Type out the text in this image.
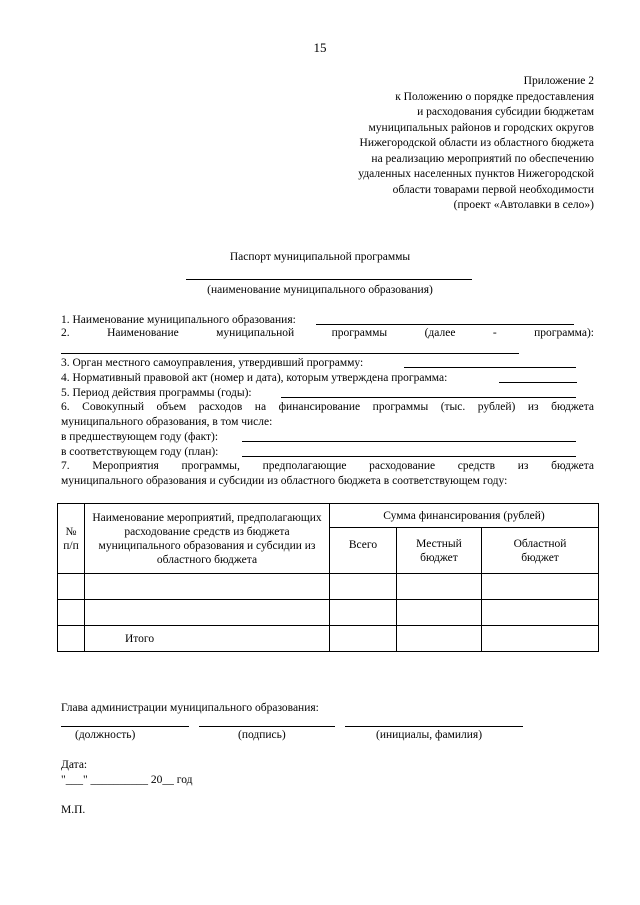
15
Приложение 2
к Положению о порядке предоставления
и расходования субсидии бюджетам
муниципальных районов и городских округов
Нижегородской области из областного бюджета
на реализацию мероприятий по обеспечению
удаленных населенных пунктов Нижегородской
области товарами первой необходимости
(проект «Автолавки в село»)
Паспорт муниципальной программы
(наименование муниципального образования)
1. Наименование муниципального образования:
2.	Наименование	муниципальной	программы	(далее	-	программа):
3. Орган местного самоуправления, утвердивший программу:
4. Нормативный правовой акт (номер и дата), которым утверждена программа:
5. Период действия программы (годы):
6. Совокупный объем расходов на финансирование программы (тыс. рублей) из бюджета
муниципального образования, в том числе:
в предшествующем году (факт):
в соответствующем году (план):
7. Мероприятия программы, предполагающие расходование средств из бюджета
муниципального образования и субсидии из областного бюджета в соответствующем году:
№
п/п	Наименование мероприятий, предполагающих расходование средств из бюджета муниципального образования и субсидии из областного бюджета	Сумма финансирования (рублей)		
		Всего	Местный бюджет	Областной бюджет

	Итого			
Глава администрации муниципального образования:
(должность)	(подпись)	(инициалы, фамилия)
Дата:
"___" __________ 20__ год
М.П.
